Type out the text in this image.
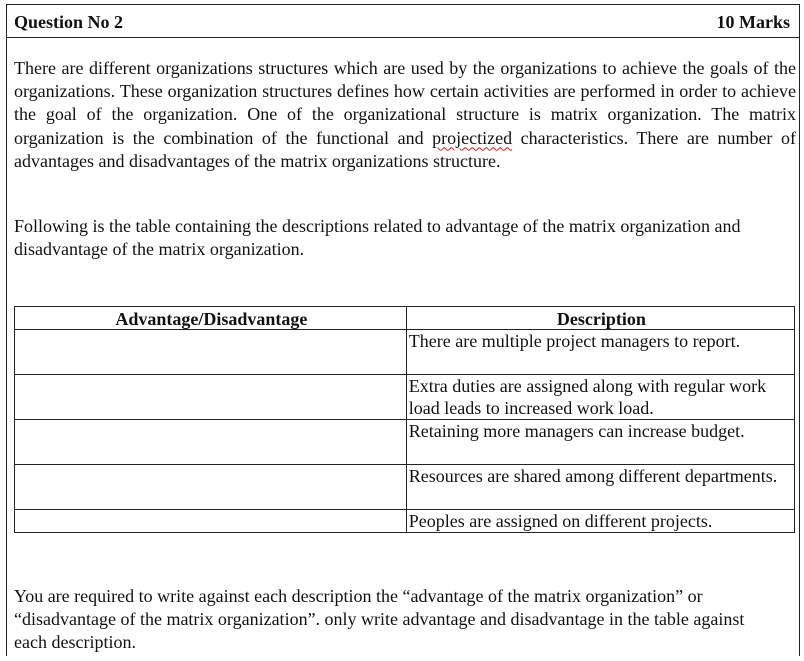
Question No 2	10 Marks

There are different organizations structures which are used by the organizations to achieve the goals of the organizations. These organization structures defines how certain activities are performed in order to achieve the goal of the organization. One of the organizational structure is matrix organization. The matrix organization is the combination of the functional and projectized characteristics. There are number of advantages and disadvantages of the matrix organizations structure.

Following is the table containing the descriptions related to advantage of the matrix organization and disadvantage of the matrix organization.

Advantage/Disadvantage	Description
	There are multiple project managers to report.
	Extra duties are assigned along with regular work load leads to increased work load.
	Retaining more managers can increase budget.
	Resources are shared among different departments.
	Peoples are assigned on different projects.

You are required to write against each description the “advantage of the matrix organization” or “disadvantage of the matrix organization”. only write advantage and disadvantage in the table against each description.
